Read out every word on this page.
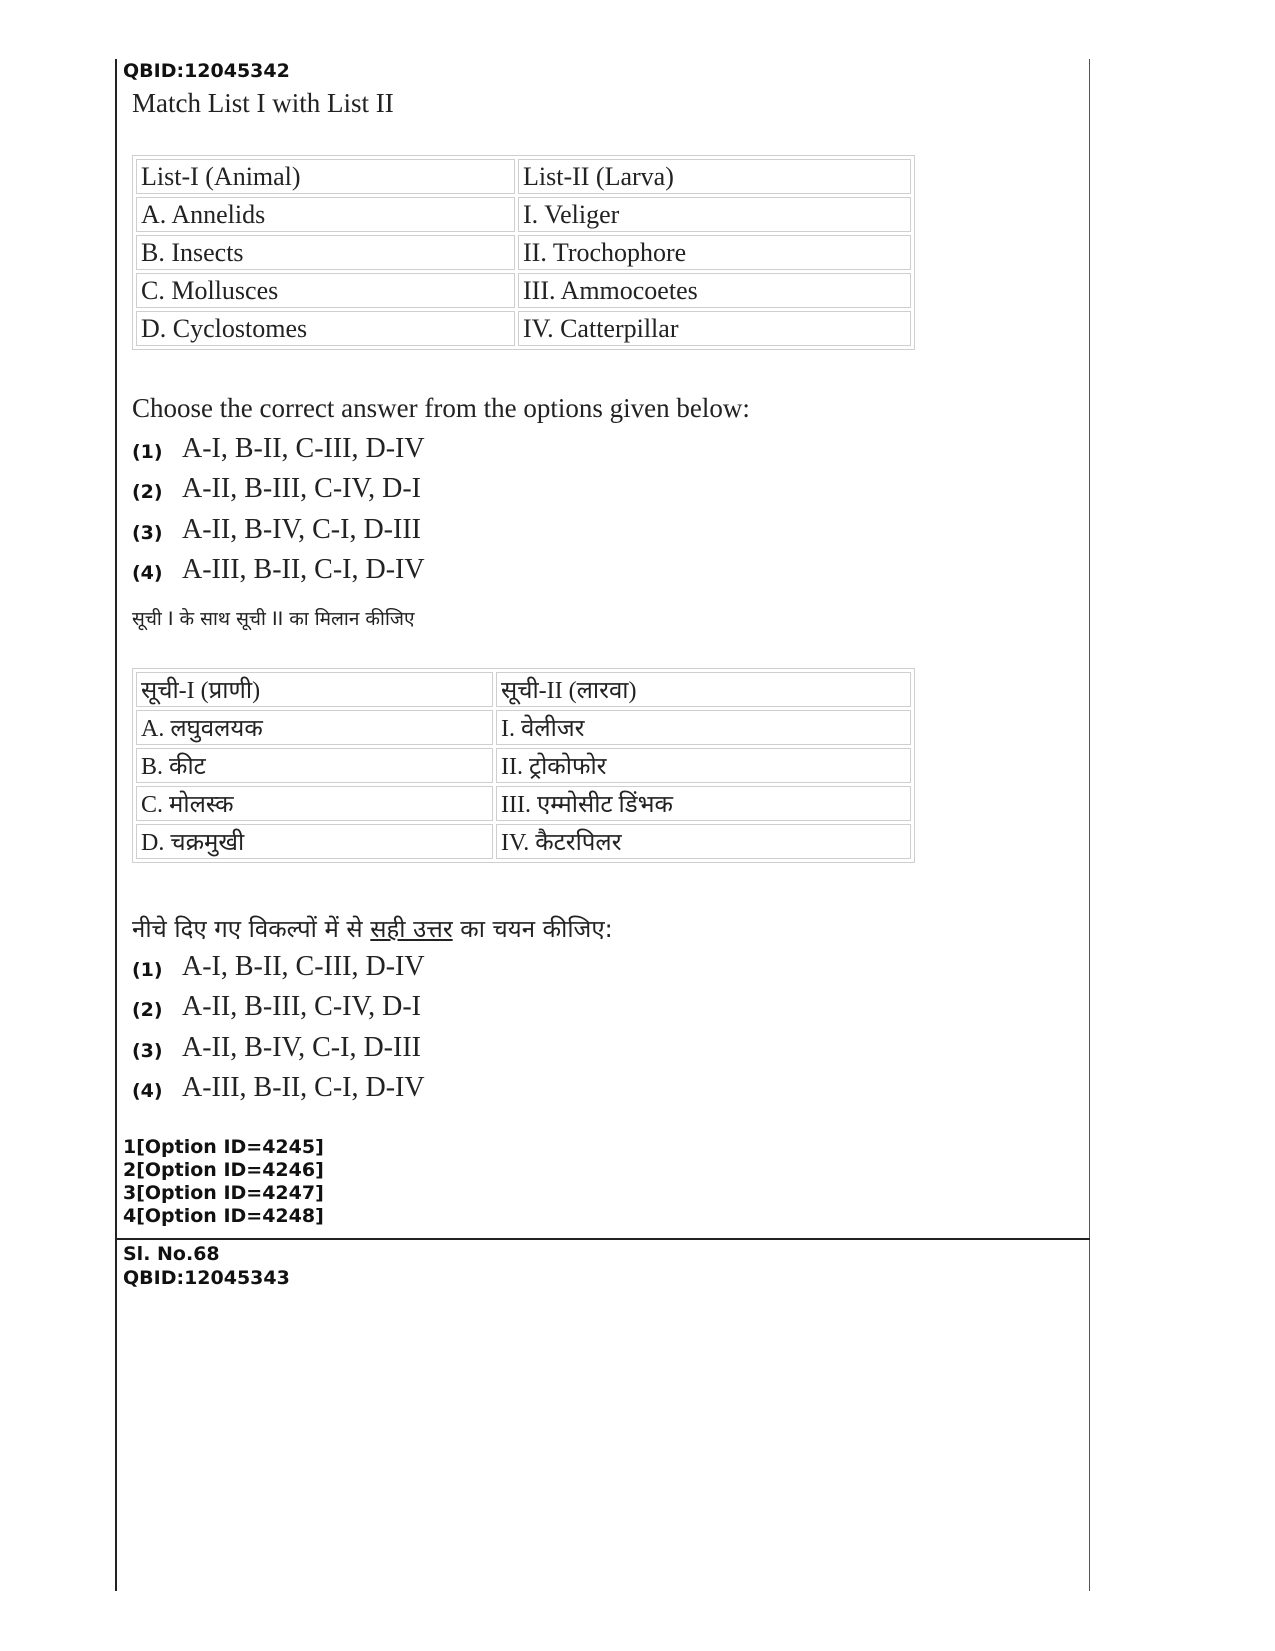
QBID:12045342
Match List I with List II
List-I (Animal)	List-II (Larva)
A. Annelids	I. Veliger
B. Insects	II. Trochophore
C. Mollusces	III. Ammocoetes
D. Cyclostomes	IV. Catterpillar
Choose the correct answer from the options given below:
(1) A-I, B-II, C-III, D-IV
(2) A-II, B-III, C-IV, D-I
(3) A-II, B-IV, C-I, D-III
(4) A-III, B-II, C-I, D-IV
सूची I के साथ सूची II का मिलान कीजिए
सूची-I (प्राणी)	सूची-II (लारवा)
A. लघुवलयक	I. वेलीजर
B. कीट	II. ट्रोकोफोर
C. मोलस्क	III. एम्मोसीट डिंभक
D. चक्रमुखी	IV. कैटरपिलर
नीचे दिए गए विकल्पों में से सही उत्तर का चयन कीजिए:
(1) A-I, B-II, C-III, D-IV
(2) A-II, B-III, C-IV, D-I
(3) A-II, B-IV, C-I, D-III
(4) A-III, B-II, C-I, D-IV
1[Option ID=4245]
2[Option ID=4246]
3[Option ID=4247]
4[Option ID=4248]
Sl. No.68
QBID:12045343
